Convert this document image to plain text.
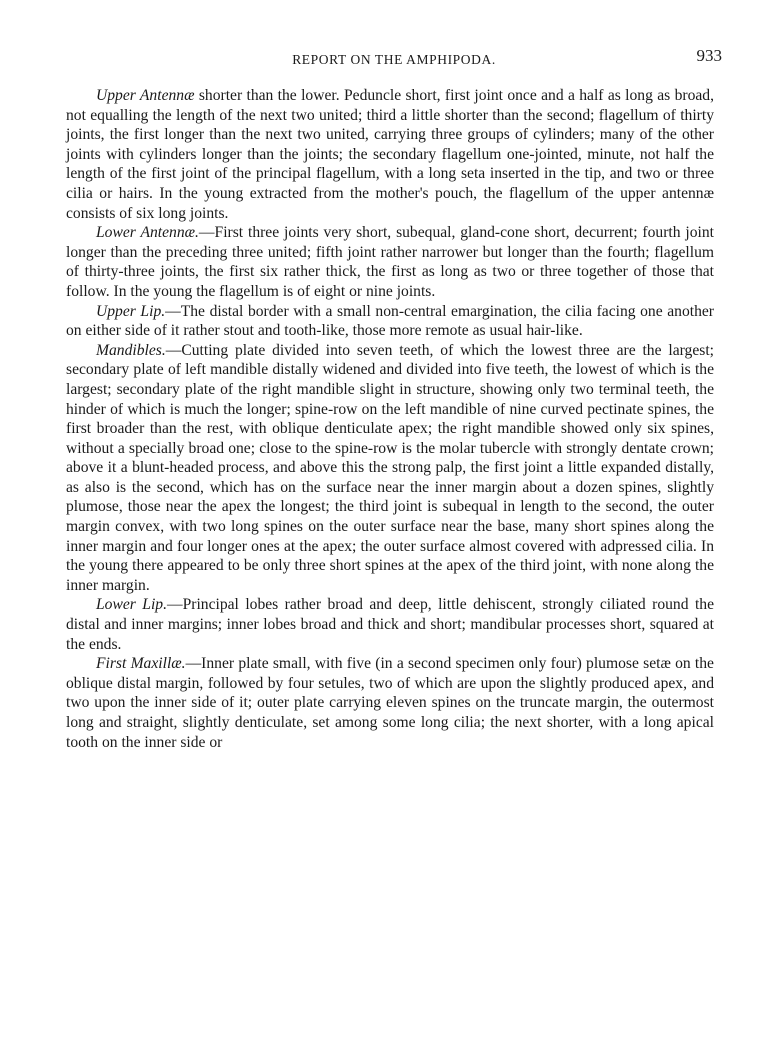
REPORT ON THE AMPHIPODA.	933

Upper Antennæ shorter than the lower. Peduncle short, first joint once and a half as long as broad, not equalling the length of the next two united; third a little shorter than the second; flagellum of thirty joints, the first longer than the next two united, carrying three groups of cylinders; many of the other joints with cylinders longer than the joints; the secondary flagellum one-jointed, minute, not half the length of the first joint of the principal flagellum, with a long seta inserted in the tip, and two or three cilia or hairs. In the young extracted from the mother's pouch, the flagellum of the upper antennæ consists of six long joints.

Lower Antennæ.—First three joints very short, subequal, gland-cone short, decurrent; fourth joint longer than the preceding three united; fifth joint rather narrower but longer than the fourth; flagellum of thirty-three joints, the first six rather thick, the first as long as two or three together of those that follow. In the young the flagellum is of eight or nine joints.

Upper Lip.—The distal border with a small non-central emargination, the cilia facing one another on either side of it rather stout and tooth-like, those more remote as usual hair-like.

Mandibles.—Cutting plate divided into seven teeth, of which the lowest three are the largest; secondary plate of left mandible distally widened and divided into five teeth, the lowest of which is the largest; secondary plate of the right mandible slight in structure, showing only two terminal teeth, the hinder of which is much the longer; spine-row on the left mandible of nine curved pectinate spines, the first broader than the rest, with oblique denticulate apex; the right mandible showed only six spines, without a specially broad one; close to the spine-row is the molar tubercle with strongly dentate crown; above it a blunt-headed process, and above this the strong palp, the first joint a little expanded distally, as also is the second, which has on the surface near the inner margin about a dozen spines, slightly plumose, those near the apex the longest; the third joint is subequal in length to the second, the outer margin convex, with two long spines on the outer surface near the base, many short spines along the inner margin and four longer ones at the apex; the outer surface almost covered with adpressed cilia. In the young there appeared to be only three short spines at the apex of the third joint, with none along the inner margin.

Lower Lip.—Principal lobes rather broad and deep, little dehiscent, strongly ciliated round the distal and inner margins; inner lobes broad and thick and short; mandibular processes short, squared at the ends.

First Maxillæ.—Inner plate small, with five (in a second specimen only four) plumose setæ on the oblique distal margin, followed by four setules, two of which are upon the slightly produced apex, and two upon the inner side of it; outer plate carrying eleven spines on the truncate margin, the outermost long and straight, slightly denticulate, set among some long cilia; the next shorter, with a long apical tooth on the inner side or
